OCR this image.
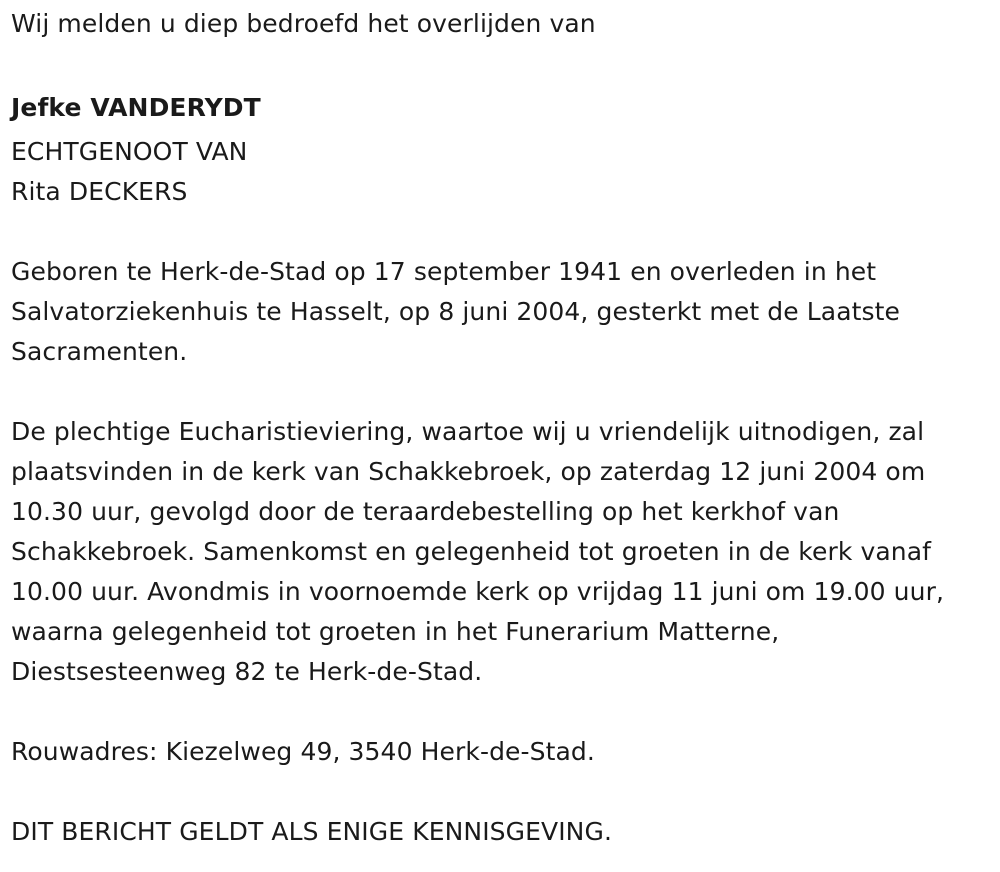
Wij melden u diep bedroefd het overlijden van
Jefke VANDERYDT
ECHTGENOOT VAN
Rita DECKERS
Geboren te Herk-de-Stad op 17 september 1941 en overleden in het
Salvatorziekenhuis te Hasselt, op 8 juni 2004, gesterkt met de Laatste
Sacramenten.
De plechtige Eucharistieviering, waartoe wij u vriendelijk uitnodigen, zal
plaatsvinden in de kerk van Schakkebroek, op zaterdag 12 juni 2004 om
10.30 uur, gevolgd door de teraardebestelling op het kerkhof van
Schakkebroek. Samenkomst en gelegenheid tot groeten in de kerk vanaf
10.00 uur. Avondmis in voornoemde kerk op vrijdag 11 juni om 19.00 uur,
waarna gelegenheid tot groeten in het Funerarium Matterne,
Diestsesteenweg 82 te Herk-de-Stad.
Rouwadres: Kiezelweg 49, 3540 Herk-de-Stad.
DIT BERICHT GELDT ALS ENIGE KENNISGEVING.
